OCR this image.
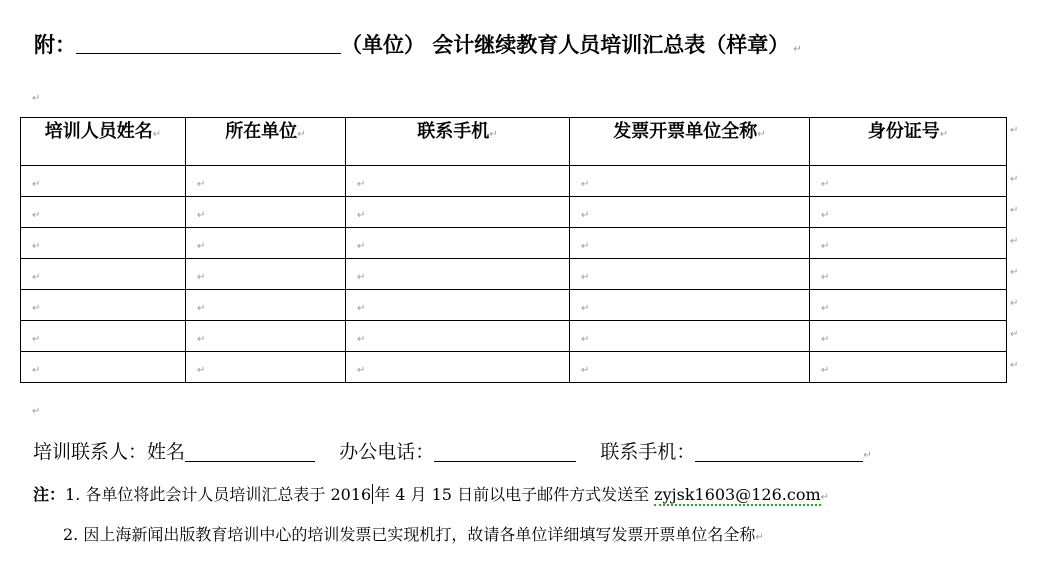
附：	（单位） 会计继续教育人员培训汇总表（样章） ↵
↵
培训人员姓名↵	所在单位↵	联系手机↵	发票开票单位全称↵	身份证号↵
↵	↵	↵	↵	↵
↵	↵	↵	↵	↵
↵	↵	↵	↵	↵
↵	↵	↵	↵	↵
↵	↵	↵	↵	↵
↵	↵	↵	↵	↵
↵	↵	↵	↵	↵
↵
培训联系人：姓名	办公电话：	联系手机：	↵
注：1. 各单位将此会计人员培训汇总表于 2016 年 4 月 15 日前以电子邮件方式发送至 zyjsk1603@126.com↵
2. 因上海新闻出版教育培训中心的培训发票已实现机打，故请各单位详细填写发票开票单位名全称↵
↵
↵
↵
↵
↵
↵
↵
↵
